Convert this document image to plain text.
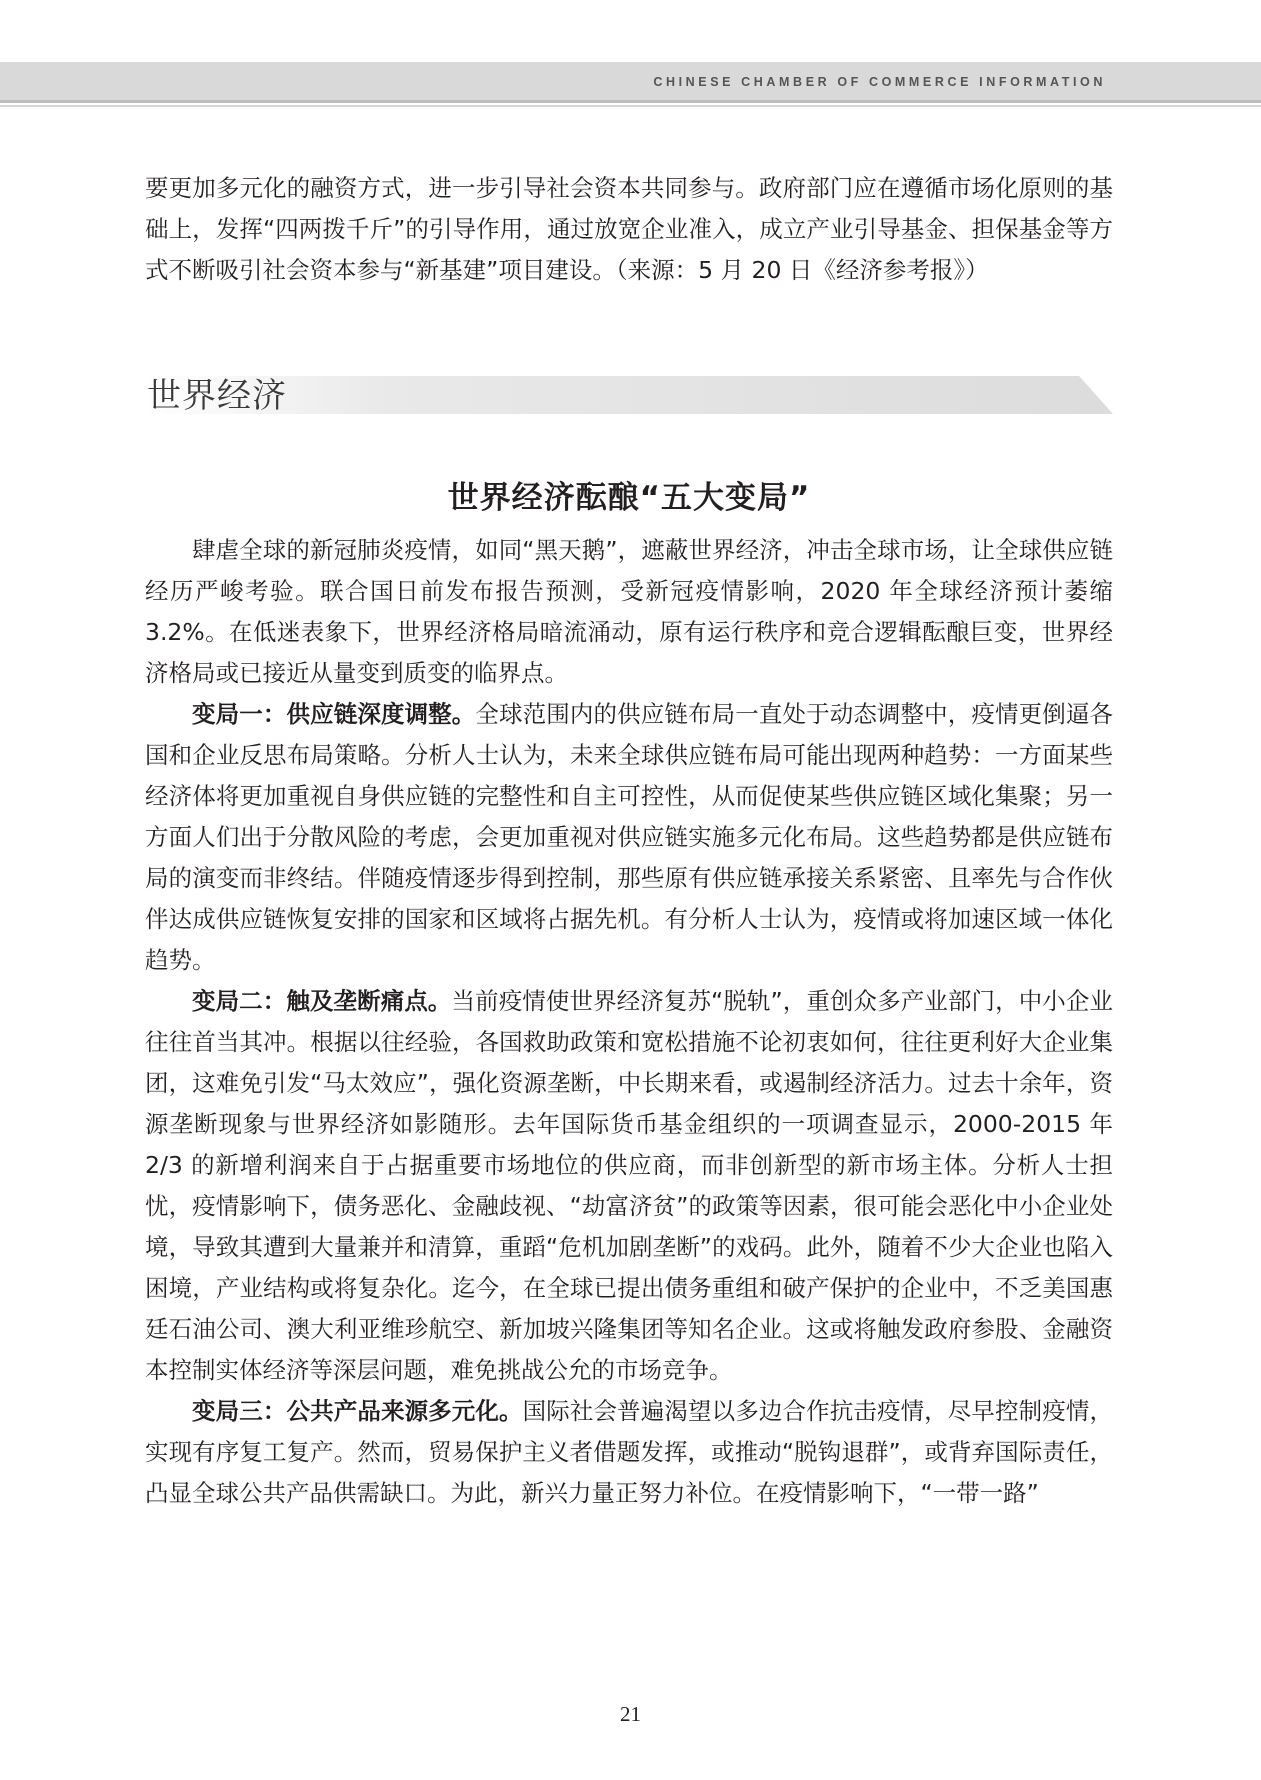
CHINESE CHAMBER OF COMMERCE INFORMATION

要更加多元化的融资方式，进一步引导社会资本共同参与。政府部门应在遵循市场化原则的基础上，发挥“四两拨千斤”的引导作用，通过放宽企业准入，成立产业引导基金、担保基金等方式不断吸引社会资本参与“新基建”项目建设。（来源：5 月 20 日《经济参考报》）

世界经济
世界经济酝酿“五大变局”

肆虐全球的新冠肺炎疫情，如同“黑天鹅”，遮蔽世界经济，冲击全球市场，让全球供应链经历严峻考验。联合国日前发布报告预测，受新冠疫情影响，2020 年全球经济预计萎缩 3.2%。在低迷表象下，世界经济格局暗流涌动，原有运行秩序和竞合逻辑酝酿巨变，世界经济格局或已接近从量变到质变的临界点。

变局一：供应链深度调整。全球范围内的供应链布局一直处于动态调整中，疫情更倒逼各国和企业反思布局策略。分析人士认为，未来全球供应链布局可能出现两种趋势：一方面某些经济体将更加重视自身供应链的完整性和自主可控性，从而促使某些供应链区域化集聚；另一方面人们出于分散风险的考虑，会更加重视对供应链实施多元化布局。这些趋势都是供应链布局的演变而非终结。伴随疫情逐步得到控制，那些原有供应链承接关系紧密、且率先与合作伙伴达成供应链恢复安排的国家和区域将占据先机。有分析人士认为，疫情或将加速区域一体化趋势。

变局二：触及垄断痛点。当前疫情使世界经济复苏“脱轨”，重创众多产业部门，中小企业往往首当其冲。根据以往经验，各国救助政策和宽松措施不论初衷如何，往往更利好大企业集团，这难免引发“马太效应”，强化资源垄断，中长期来看，或遏制经济活力。过去十余年，资源垄断现象与世界经济如影随形。去年国际货币基金组织的一项调查显示，2000-2015 年 2/3 的新增利润来自于占据重要市场地位的供应商，而非创新型的新市场主体。分析人士担忧，疫情影响下，债务恶化、金融歧视、“劫富济贫”的政策等因素，很可能会恶化中小企业处境，导致其遭到大量兼并和清算，重蹈“危机加剧垄断”的戏码。此外，随着不少大企业也陷入困境，产业结构或将复杂化。迄今，在全球已提出债务重组和破产保护的企业中，不乏美国惠廷石油公司、澳大利亚维珍航空、新加坡兴隆集团等知名企业。这或将触发政府参股、金融资本控制实体经济等深层问题，难免挑战公允的市场竞争。

变局三：公共产品来源多元化。国际社会普遍渴望以多边合作抗击疫情，尽早控制疫情，实现有序复工复产。然而，贸易保护主义者借题发挥，或推动“脱钩退群”，或背弃国际责任，凸显全球公共产品供需缺口。为此，新兴力量正努力补位。在疫情影响下，“一带一路”

21
